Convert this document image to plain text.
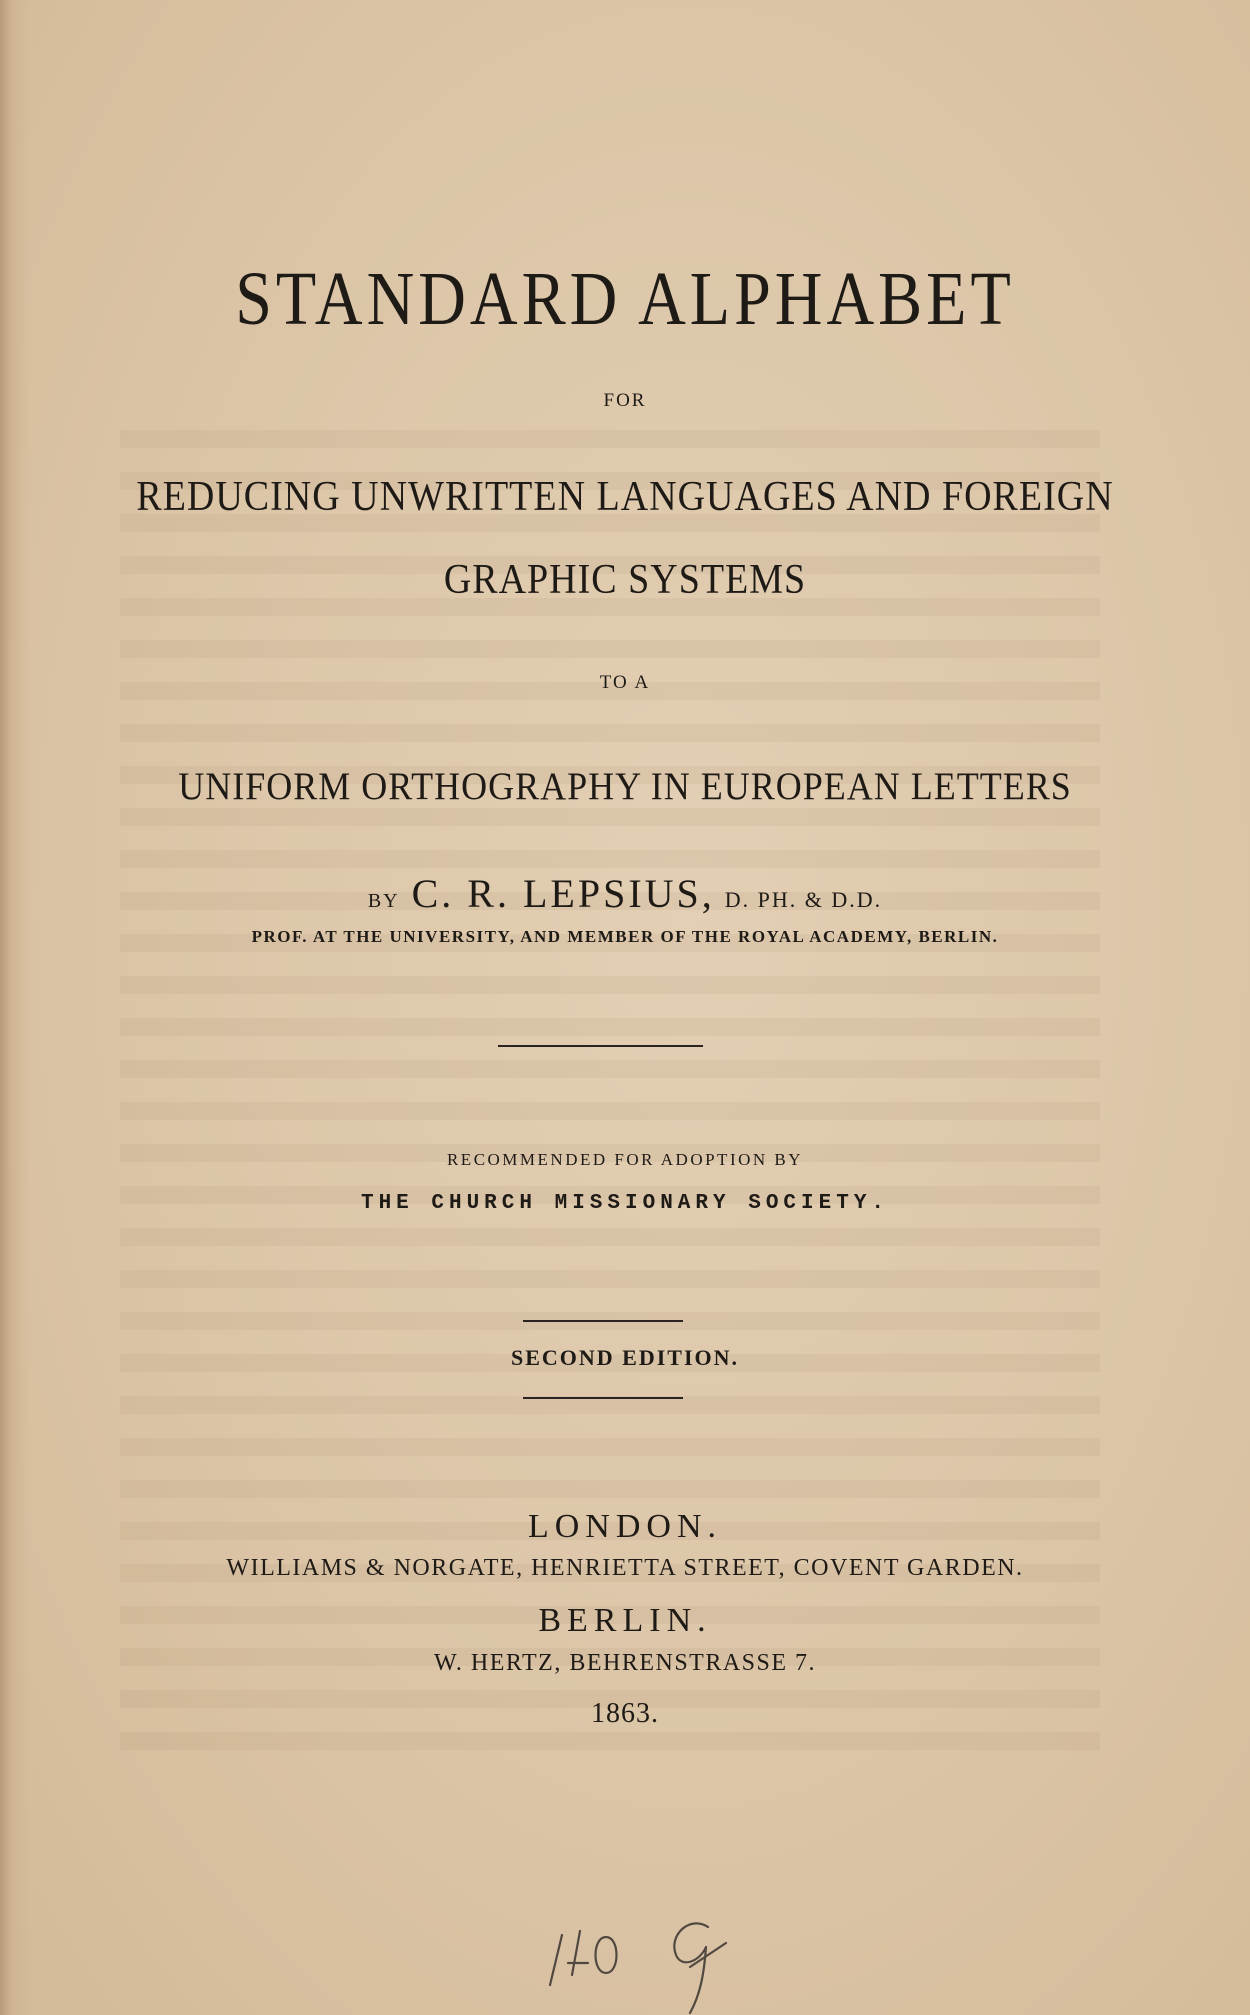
STANDARD ALPHABET
FOR
REDUCING UNWRITTEN LANGUAGES AND FOREIGN
GRAPHIC SYSTEMS
TO A
UNIFORM ORTHOGRAPHY IN EUROPEAN LETTERS
BY C. R. LEPSIUS, D. PH. & D.D.
PROF. AT THE UNIVERSITY, AND MEMBER OF THE ROYAL ACADEMY, BERLIN.
RECOMMENDED FOR ADOPTION BY
THE CHURCH MISSIONARY SOCIETY.
SECOND EDITION.
LONDON.
WILLIAMS & NORGATE, HENRIETTA STREET, COVENT GARDEN.
BERLIN.
W. HERTZ, BEHRENSTRASSE 7.
1863.
